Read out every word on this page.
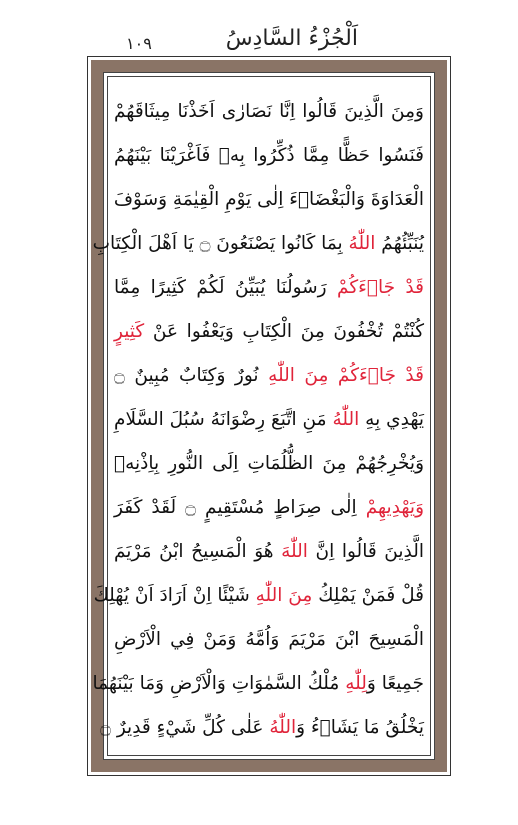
اَلْجُزْءُ السَّادِسُ
١٠٩
وَمِنَ الَّذِينَ قَالُوا اِنَّا نَصَارٰى اَخَذْنَا مِيثَاقَهُمْ
فَنَسُوا حَظًّا مِمَّا ذُكِّرُوا بِهٖ فَاَغْرَيْنَا بَيْنَهُمُ
الْعَدَاوَةَ وَالْبَغْضَاۤءَ اِلٰى يَوْمِ الْقِيٰمَةِ وَسَوْفَ
يُنَبِّئُهُمُ اللّٰهُ بِمَا كَانُوا يَصْنَعُونَ ۝ يَا اَهْلَ الْكِتَابِ
قَدْ جَاۤءَكُمْ رَسُولُنَا يُبَيِّنُ لَكُمْ كَثِيرًا مِمَّا
كُنْتُمْ تُخْفُونَ مِنَ الْكِتَابِ وَيَعْفُوا عَنْ كَثِيرٍ
قَدْ جَاۤءَكُمْ مِنَ اللّٰهِ نُورٌ وَكِتَابٌ مُبِينٌ ۝
يَهْدِي بِهِ اللّٰهُ مَنِ اتَّبَعَ رِضْوَانَهُ سُبُلَ السَّلَامِ
وَيُخْرِجُهُمْ مِنَ الظُّلُمَاتِ اِلَى النُّورِ بِاِذْنِهٖ
وَيَهْدِيهِمْ اِلٰى صِرَاطٍ مُسْتَقِيمٍ ۝ لَقَدْ كَفَرَ
الَّذِينَ قَالُوا اِنَّ اللّٰهَ هُوَ الْمَسِيحُ ابْنُ مَرْيَمَ
قُلْ فَمَنْ يَمْلِكُ مِنَ اللّٰهِ شَيْئًا اِنْ اَرَادَ اَنْ يُهْلِكَ
الْمَسِيحَ ابْنَ مَرْيَمَ وَاُمَّهُ وَمَنْ فِي الْاَرْضِ
جَمِيعًا وَلِلّٰهِ مُلْكُ السَّمٰوَاتِ وَالْاَرْضِ وَمَا بَيْنَهُمَا
يَخْلُقُ مَا يَشَاۤءُ وَاللّٰهُ عَلٰى كُلِّ شَيْءٍ قَدِيرٌ ۝
